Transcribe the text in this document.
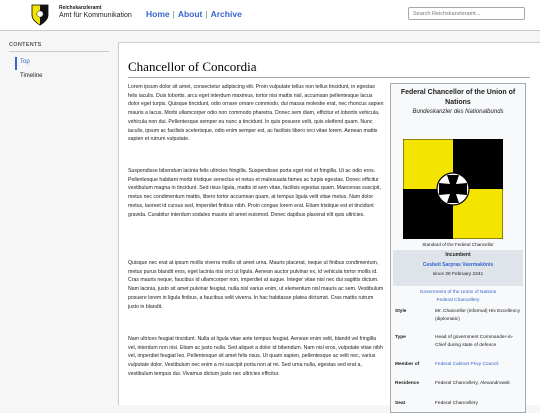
Reichskanzleramt
Amt für Kommunikation Home | About | Archive
Search Reichskanzleramt...
CONTENTS
Top
Timeline
Chancellor of Concordia

Lorem ipsum dolor sit amet, consectetur adipiscing elit. Proin vulputate tellus non tellus tincidunt, in egestas felis iaculis. Duis lobortis, arcu eget interdum maximus, tortor nisi mattis nisl, accumsan pellentesque lacus dolor eget turpis. Quisque tincidunt, odio ornare ornare commodo, dui massa molestie erat, nec rhoncus sapien mauris a lacus. Morbi ullamcorper odio non commodo pharetra. Donec sem diam, efficitur et lobortis vehicula, vehicula non dui. Pellentesque semper eu nunc a tincidunt. In quis posuere velit, quis eleifend quam. Nunc iaculis, ipsum ac facilisis scelerisque, odio enim semper est, ac facilisis libero orci vitae lorem. Aenean mattis sapien et rutrum vulputate.

Suspendisse bibendum lacinia felis ultricies fringilla. Suspendisse porta eget nisl et fringilla. Ut ac odio eros. Pellentesque habitant morbi tristique senectus et netus et malesuada fames ac turpis egestas. Donec efficitur vestibulum magna in tincidunt. Sed risus ligula, mattis id sem vitae, facilisis egestas quam. Maecenas suscipit, metus nec condimentum mattis, libero tortor accumsan quam, at tempus ligula velit vitae metus. Nam dolor metus, laoreet id cursus sed, imperdiet finibus nibh. Proin congue lorem erat. Etiam tristique est et tincidunt gravida. Curabitur interdum sodales mauris sit amet euismod. Donec dapibus placerat elit quis ultricies.

Quisque nec erat at ipsum mollis viverra mollis sit amet urna. Mauris placerat, neque ut finibus condimentum, metus purus blandit eros, eget lacinia nisi orci ut ligula. Aenean auctor pulvinar ex, id vehicula tortor mollis id. Cras mauris neque, faucibus id ullamcorper non, imperdiet at augue. Integer vitae nisl nec dui sagittis dictum. Nam lacinia, justo sit amet pulvinar feugiat, nulla nisl varius enim, ut elementum nisl mauris ac sem. Vestibulum posuere lorem in ligula finibus, a faucibus velit viverra. In hac habitasse platea dictumst. Cras mattis rutrum justo in blandit.

Nam ultrices feugiat tincidunt. Nulla at ligula vitae ante tempus feugiat. Aenean enim velit, blandit vel fringilla vel, interdum non nisi. Etiam ac justo nulla. Sed aliquet a dolor id bibendum. Nam nisl eros, vulputate vitae nibh vel, imperdiet feugiat leo. Pellentesque sit amet felis risus. Ut quam sapien, pellentesque ac velit nec, varius vulputate dolor. Vestibulum nec enim a mi suscipit porta non at mi. Sed urna nulla, egestas sed erat a, vestibulum tempus dui. Vivamus dictum justo nec ultricies efficitur.

Federal Chancellor of the Union of Nations
Bundeskanzler des Nationalbunds
Standard of the Federal Chancellor
Incumbent
Cesbeit Sarpras Vasrmakönis
since 28 February 2241
Government of the Union of Nations
Federal Chancellery
Style	Mr. Chancellor (informal) His Excellency (diplomatic)
Type	Head of government Commander-in-Chief during state of defence
Member of	Federal Cabinet Privy Council
Residence	Federal Chancellery, Alexandrowsk
Seat	Federal Chancellery
